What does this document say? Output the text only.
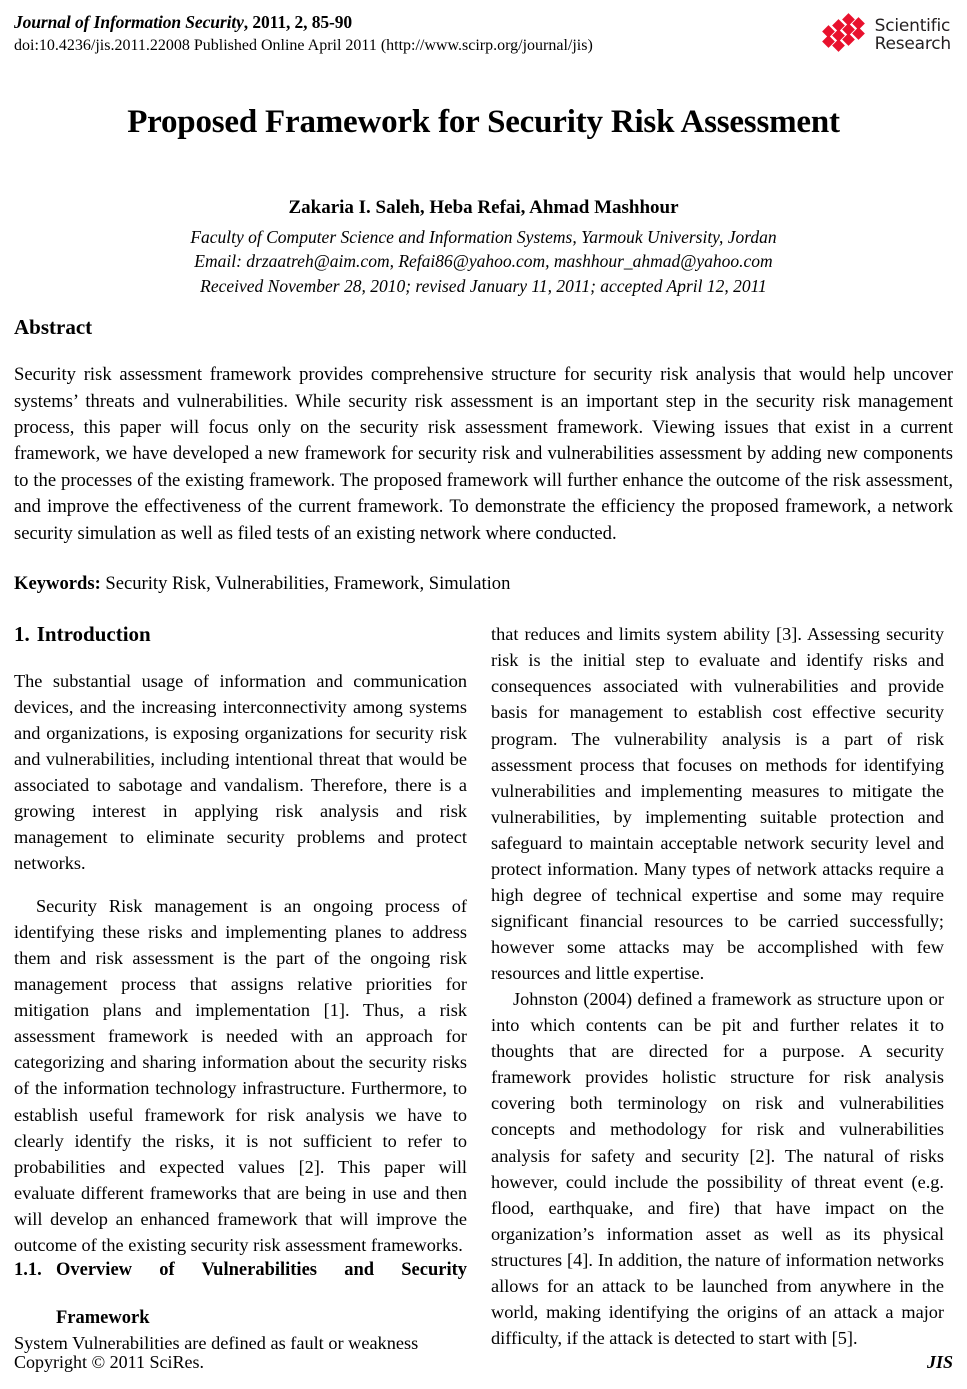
Journal of Information Security, 2011, 2, 85-90
doi:10.4236/jis.2011.22008 Published Online April 2011 (http://www.scirp.org/journal/jis)
Scientific
Research
Proposed Framework for Security Risk Assessment
Zakaria I. Saleh, Heba Refai, Ahmad Mashhour
Faculty of Computer Science and Information Systems, Yarmouk University, Jordan
Email: drzaatreh@aim.com, Refai86@yahoo.com, mashhour_ahmad@yahoo.com
Received November 28, 2010; revised January 11, 2011; accepted April 12, 2011
Abstract
Security risk assessment framework provides comprehensive structure for security risk analysis that would help uncover systems’ threats and vulnerabilities. While security risk assessment is an important step in the security risk management process, this paper will focus only on the security risk assessment framework. Viewing issues that exist in a current framework, we have developed a new framework for security risk and vulnerabilities assessment by adding new components to the processes of the existing framework. The proposed framework will further enhance the outcome of the risk assessment, and improve the effectiveness of the current framework. To demonstrate the efficiency the proposed framework, a network security simulation as well as filed tests of an existing network where conducted.
Keywords: Security Risk, Vulnerabilities, Framework, Simulation
1. Introduction

The substantial usage of information and communication devices, and the increasing interconnectivity among systems and organizations, is exposing organizations for security risk and vulnerabilities, including intentional threat that would be associated to sabotage and vandalism. Therefore, there is a growing interest in applying risk analysis and risk management to eliminate security problems and protect networks.

Security Risk management is an ongoing process of identifying these risks and implementing planes to address them and risk assessment is the part of the ongoing risk management process that assigns relative priorities for mitigation plans and implementation [1]. Thus, a risk assessment framework is needed with an approach for categorizing and sharing information about the security risks of the information technology infrastructure. Furthermore, to establish useful framework for risk analysis we have to clearly identify the risks, it is not sufficient to refer to probabilities and expected values [2]. This paper will evaluate different frameworks that are being in use and then will develop an enhanced framework that will improve the outcome of the existing security risk assessment frameworks.

1.1. Overview of Vulnerabilities and Security
Framework

System Vulnerabilities are defined as fault or weakness

that reduces and limits system ability [3]. Assessing security risk is the initial step to evaluate and identify risks and consequences associated with vulnerabilities and provide basis for management to establish cost effective security program. The vulnerability analysis is a part of risk assessment process that focuses on methods for identifying vulnerabilities and implementing measures to mitigate the vulnerabilities, by implementing suitable protection and safeguard to maintain acceptable network security level and protect information. Many types of network attacks require a high degree of technical expertise and some may require significant financial resources to be carried successfully; however some attacks may be accomplished with few resources and little expertise.

Johnston (2004) defined a framework as structure upon or into which contents can be pit and further relates it to thoughts that are directed for a purpose. A security framework provides holistic structure for risk analysis covering both terminology on risk and vulnerabilities concepts and methodology for risk and vulnerabilities analysis for safety and security [2]. The natural of risks however, could include the possibility of threat event (e.g. flood, earthquake, and fire) that have impact on the organization’s information asset as well as its physical structures [4]. In addition, the nature of information networks allows for an attack to be launched from anywhere in the world, making identifying the origins of an attack a major difficulty, if the attack is detected to start with [5].

Copyright © 2011 SciRes.	JIS
